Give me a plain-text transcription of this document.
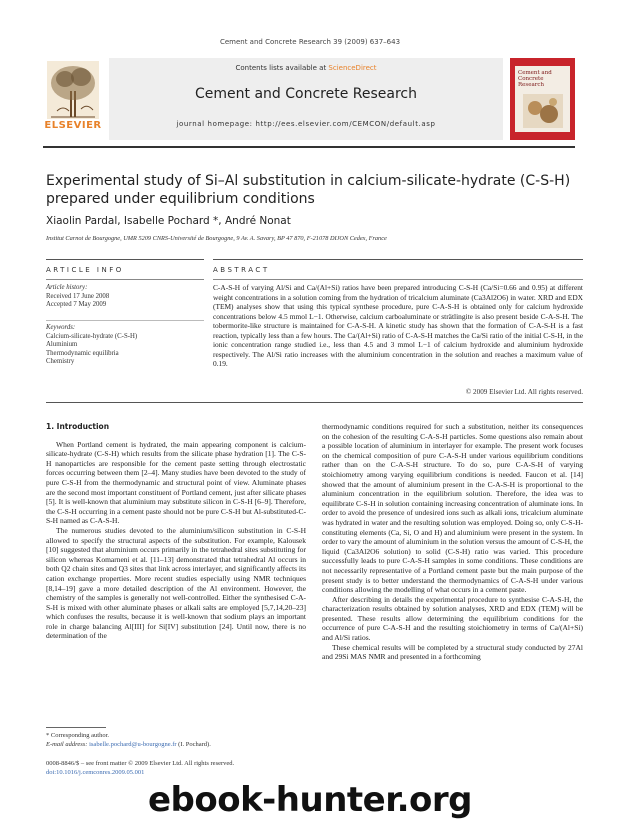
Cement and Concrete Research 39 (2009) 637–643
ELSEVIER
Contents lists available at ScienceDirect
Cement and Concrete Research
journal homepage: http://ees.elsevier.com/CEMCON/default.asp
Cement and Concrete Research
Experimental study of Si–Al substitution in calcium-silicate-hydrate (C-S-H) prepared under equilibrium conditions
Xiaolin Pardal, Isabelle Pochard *, André Nonat
Institut Carnot de Bourgogne, UMR 5209 CNRS-Université de Bourgogne, 9 Av. A. Savary, BP 47 870, F-21078 DIJON Cedex, France
ARTICLE INFO
Article history:
Received 17 June 2008
Accepted 7 May 2009
Keywords:
Calcium-silicate-hydrate (C-S-H)
Aluminium
Thermodynamic equilibria
Chemistry
ABSTRACT
C-A-S-H of varying Al/Si and Ca/(Al+Si) ratios have been prepared introducing C-S-H (Ca/Si=0.66 and 0.95) at different weight concentrations in a solution coming from the hydration of tricalcium aluminate (Ca3Al2O6) in water. XRD and EDX (TEM) analyses show that using this typical synthese procedure, pure C-A-S-H is obtained only for calcium hydroxide concentrations below 4.5 mmol L−1. Otherwise, calcium carboaluminate or strätlingite is also present beside C-A-S-H. The tobermorite-like structure is maintained for C-A-S-H. A kinetic study has shown that the formation of C-A-S-H is a fast reaction, typically less than a few hours. The Ca/(Al+Si) ratio of C-A-S-H matches the Ca/Si ratio of the initial C-S-H, in the ionic concentration range studied i.e., less than 4.5 and 3 mmol L−1 of calcium hydroxide and aluminium hydroxide respectively. The Al/Si ratio increases with the aluminium concentration in the solution and reaches a maximum value of 0.19.
© 2009 Elsevier Ltd. All rights reserved.
1. Introduction

When Portland cement is hydrated, the main appearing component is calcium-silicate-hydrate (C-S-H) which results from the silicate phase hydration [1]. The C-S-H nanoparticles are responsible for the cement paste setting through electrostatic forces occurring between them [2–4]. Many studies have been devoted to the study of pure C-S-H from the thermodynamic and structural point of view. Aluminate phases are the second most important constituent of Portland cement, just after silicate phases [5]. It is well-known that aluminium may substitute silicon in C-S-H [6–9]. Therefore, the C-S-H occurring in a cement paste should not be pure C-S-H but Al-substituted-C-S-H named as C-A-S-H.

The numerous studies devoted to the aluminium/silicon substitution in C-S-H allowed to specify the structural aspects of the substitution. For example, Kalousek [10] suggested that aluminium occurs primarily in the tetrahedral sites substituting for silicon whereas Komarneni et al. [11–13] demonstrated that tetrahedral Al occurs in both Q2 chain sites and Q3 sites that link across interlayer, and significantly affects its cation exchange properties. More recent studies especially using NMR techniques [8,14–19] gave a more detailed description of the Al environment. However, the chemistry of the samples is generally not well-controlled. Either the synthesised C-A-S-H is mixed with other aluminate phases or alkali salts are employed [5,7,14,20–23] which confuses the results, because it is well-known that sodium plays an important role in charge balancing Al[III] for Si[IV] substitution [24]. Until now, there is no determination of the

thermodynamic conditions required for such a substitution, neither its consequences on the cohesion of the resulting C-A-S-H particles. Some questions also remain about a possible location of aluminium in interlayer for example. The present work focuses on the chemical composition of pure C-A-S-H under various equilibrium conditions rather than on the C-A-S-H structure. To do so, pure C-A-S-H of varying stoichiometry among varying equilibrium conditions is needed. Faucon et al. [14] showed that the amount of aluminium present in the C-A-S-H is proportional to the aluminium concentration in the equilibrium solution. Therefore, the idea was to equilibrate C-S-H in solution containing increasing concentration of aluminate ions. In order to avoid the presence of undesired ions such as alkali ions, tricalcium aluminate was hydrated in water and the resulting solution was employed. Doing so, only C-S-H-constituting elements (Ca, Si, O and H) and aluminium were present in the system. In order to vary the amount of aluminium in the solution versus the amount of C-S-H, the liquid (Ca3Al2O6 solution) to solid (C-S-H) ratio was varied. This procedure successfully leads to pure C-A-S-H samples in some conditions. These conditions are not necessarily representative of a Portland cement paste but the main purpose of the present study is to better understand the thermodynamics of C-A-S-H under various conditions allowing the modelling of what occurs in a cement paste.

After describing in details the experimental procedure to synthesise C-A-S-H, the characterization results obtained by solution analyses, XRD and EDX (TEM) will be presented. These results allow determining the equilibrium conditions for the occurrence of pure C-A-S-H and the resulting stoichiometry in terms of Ca/(Al+Si) and Al/Si ratios.

These chemical results will be completed by a structural study conducted by 27Al and 29Si MAS NMR and presented in a forthcoming

* Corresponding author.
E-mail address: isabelle.pochard@u-bourgogne.fr (I. Pochard).
0008-8846/$ – see front matter © 2009 Elsevier Ltd. All rights reserved.
doi:10.1016/j.cemconres.2009.05.001
ebook-hunter.org
